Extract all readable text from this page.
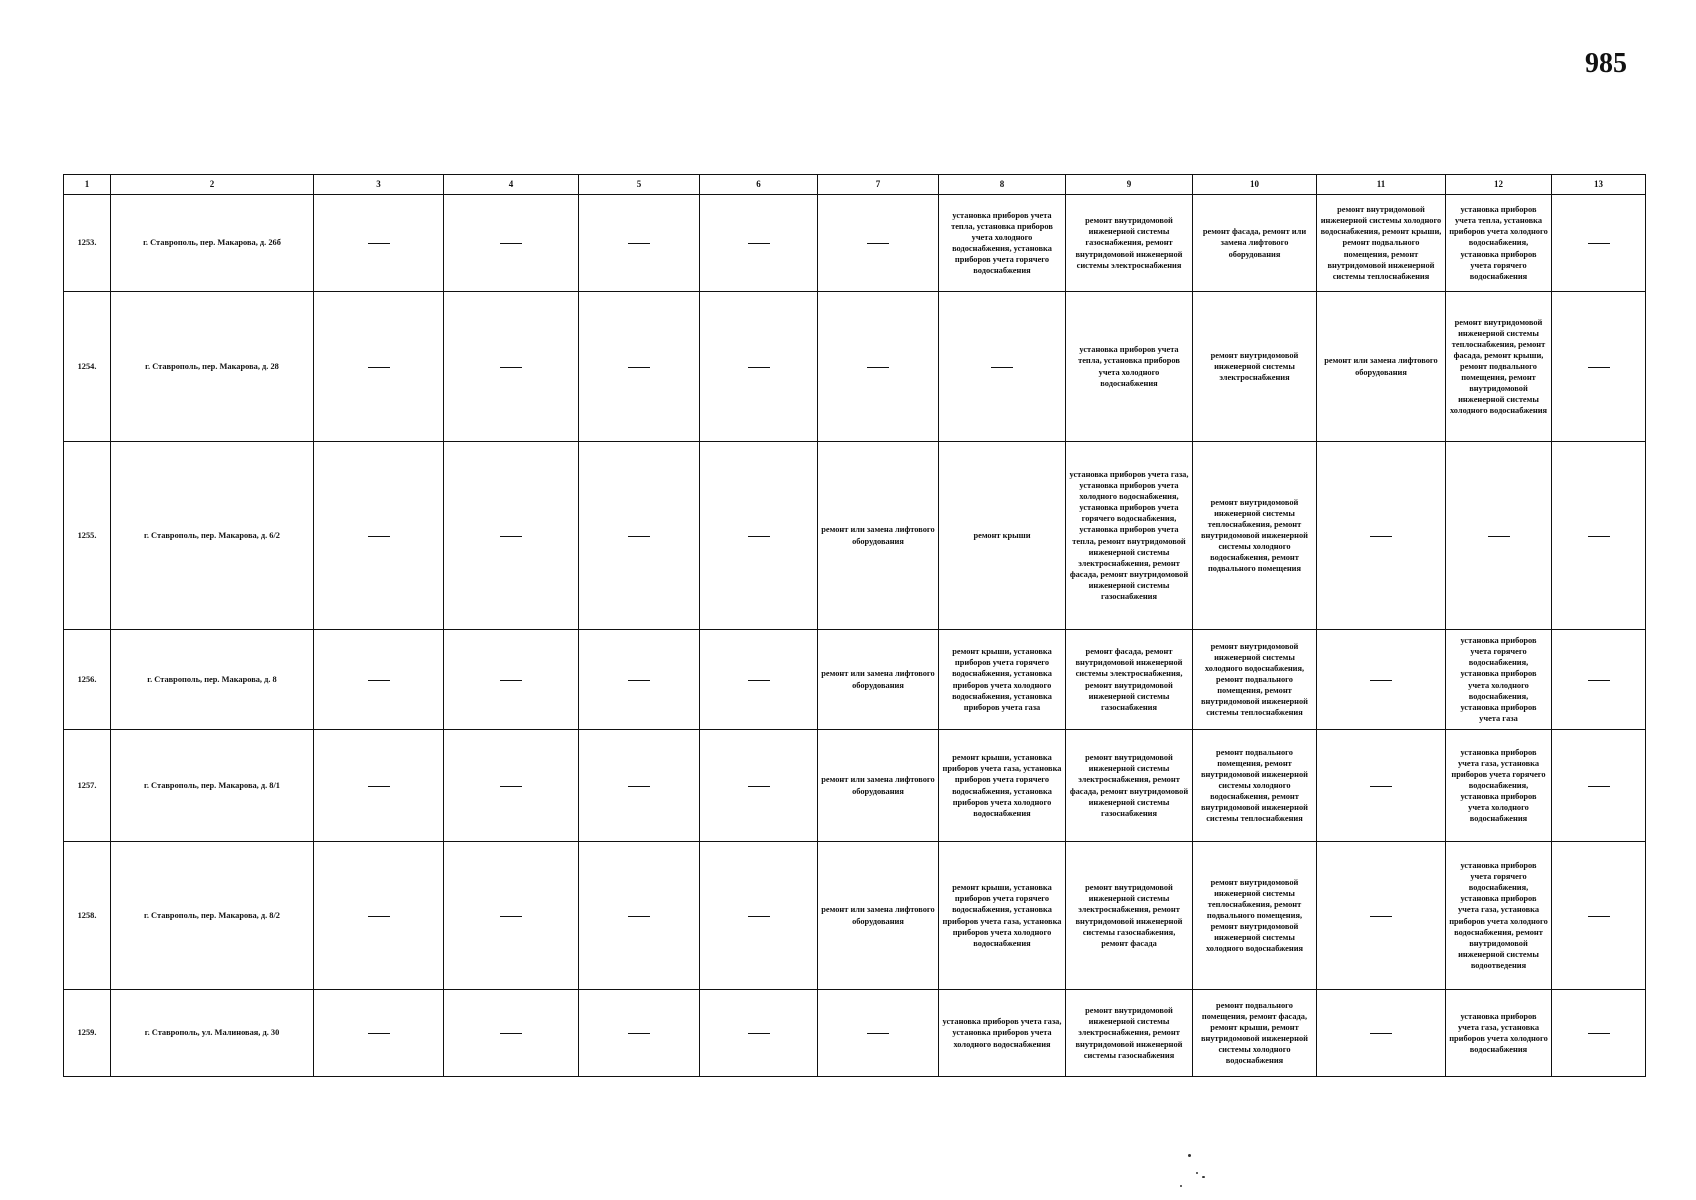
985
1	2	3	4	5	6	7	8	9	10	11	12	13
1253.	г. Ставрополь, пер. Макарова, д. 26б						установка приборов учета тепла, установка приборов учета холодного водоснабжения, установка приборов учета горячего водоснабжения	ремонт внутридомовой инженерной системы газоснабжения, ремонт внутридомовой инженерной системы электроснабжения	ремонт фасада, ремонт или замена лифтового оборудования	ремонт внутридомовой инженерной системы холодного водоснабжения, ремонт крыши, ремонт подвального помещения, ремонт внутридомовой инженерной системы теплоснабжения	установка приборов учета тепла, установка приборов учета холодного водоснабжения, установка приборов учета горячего водоснабжения	
1254.	г. Ставрополь, пер. Макарова, д. 28							установка приборов учета тепла, установка приборов учета холодного водоснабжения	ремонт внутридомовой инженерной системы электроснабжения	ремонт или замена лифтового оборудования	ремонт внутридомовой инженерной системы теплоснабжения, ремонт фасада, ремонт крыши, ремонт подвального помещения, ремонт внутридомовой инженерной системы холодного водоснабжения	
1255.	г. Ставрополь, пер. Макарова, д. 6/2					ремонт или замена лифтового оборудования	ремонт крыши	установка приборов учета газа, установка приборов учета холодного водоснабжения, установка приборов учета горячего водоснабжения, установка приборов учета тепла, ремонт внутридомовой инженерной системы электроснабжения, ремонт фасада, ремонт внутридомовой инженерной системы газоснабжения	ремонт внутридомовой инженерной системы теплоснабжения, ремонт внутридомовой инженерной системы холодного водоснабжения, ремонт подвального помещения			
1256.	г. Ставрополь, пер. Макарова, д. 8					ремонт или замена лифтового оборудования	ремонт крыши, установка приборов учета горячего водоснабжения, установка приборов учета холодного водоснабжения, установка приборов учета газа	ремонт фасада, ремонт внутридомовой инженерной системы электроснабжения, ремонт внутридомовой инженерной системы газоснабжения	ремонт внутридомовой инженерной системы холодного водоснабжения, ремонт подвального помещения, ремонт внутридомовой инженерной системы теплоснабжения		установка приборов учета горячего водоснабжения, установка приборов учета холодного водоснабжения, установка приборов учета газа	
1257.	г. Ставрополь, пер. Макарова, д. 8/1					ремонт или замена лифтового оборудования	ремонт крыши, установка приборов учета газа, установка приборов учета горячего водоснабжения, установка приборов учета холодного водоснабжения	ремонт внутридомовой инженерной системы электроснабжения, ремонт фасада, ремонт внутридомовой инженерной системы газоснабжения	ремонт подвального помещения, ремонт внутридомовой инженерной системы холодного водоснабжения, ремонт внутридомовой инженерной системы теплоснабжения		установка приборов учета газа, установка приборов учета горячего водоснабжения, установка приборов учета холодного водоснабжения	
1258.	г. Ставрополь, пер. Макарова, д. 8/2					ремонт или замена лифтового оборудования	ремонт крыши, установка приборов учета горячего водоснабжения, установка приборов учета газа, установка приборов учета холодного водоснабжения	ремонт внутридомовой инженерной системы электроснабжения, ремонт внутридомовой инженерной системы газоснабжения, ремонт фасада	ремонт внутридомовой инженерной системы теплоснабжения, ремонт подвального помещения, ремонт внутридомовой инженерной системы холодного водоснабжения		установка приборов учета горячего водоснабжения, установка приборов учета газа, установка приборов учета холодного водоснабжения, ремонт внутридомовой инженерной системы водоотведения	
1259.	г. Ставрополь, ул. Малиновая, д. 30						установка приборов учета газа, установка приборов учета холодного водоснабжения	ремонт внутридомовой инженерной системы электроснабжения, ремонт внутридомовой инженерной системы газоснабжения	ремонт подвального помещения, ремонт фасада, ремонт крыши, ремонт внутридомовой инженерной системы холодного водоснабжения		установка приборов учета газа, установка приборов учета холодного водоснабжения	
